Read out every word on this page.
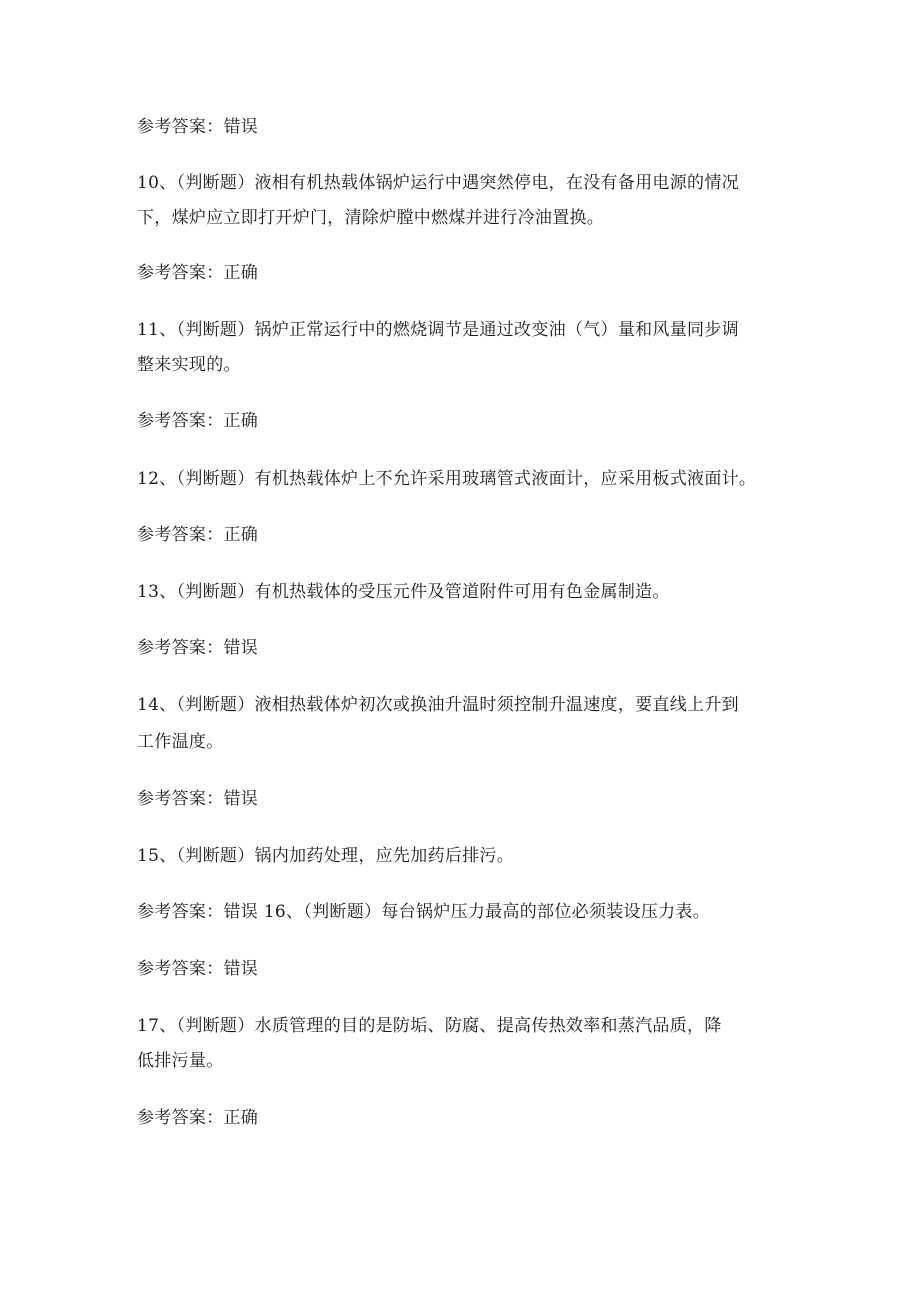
参考答案：错误
10、（判断题）液相有机热载体锅炉运行中遇突然停电，在没有备用电源的情况
下，煤炉应立即打开炉门，清除炉膛中燃煤并进行冷油置换。
参考答案：正确
11、（判断题）锅炉正常运行中的燃烧调节是通过改变油（气）量和风量同步调
整来实现的。
参考答案：正确
12、（判断题）有机热载体炉上不允许采用玻璃管式液面计，应采用板式液面计。
参考答案：正确
13、（判断题）有机热载体的受压元件及管道附件可用有色金属制造。
参考答案：错误
14、（判断题）液相热载体炉初次或换油升温时须控制升温速度，要直线上升到
工作温度。
参考答案：错误
15、（判断题）锅内加药处理，应先加药后排污。
参考答案：错误 16、（判断题）每台锅炉压力最高的部位必须装设压力表。
参考答案：错误
17、（判断题）水质管理的目的是防垢、防腐、提高传热效率和蒸汽品质，降
低排污量。
参考答案：正确
